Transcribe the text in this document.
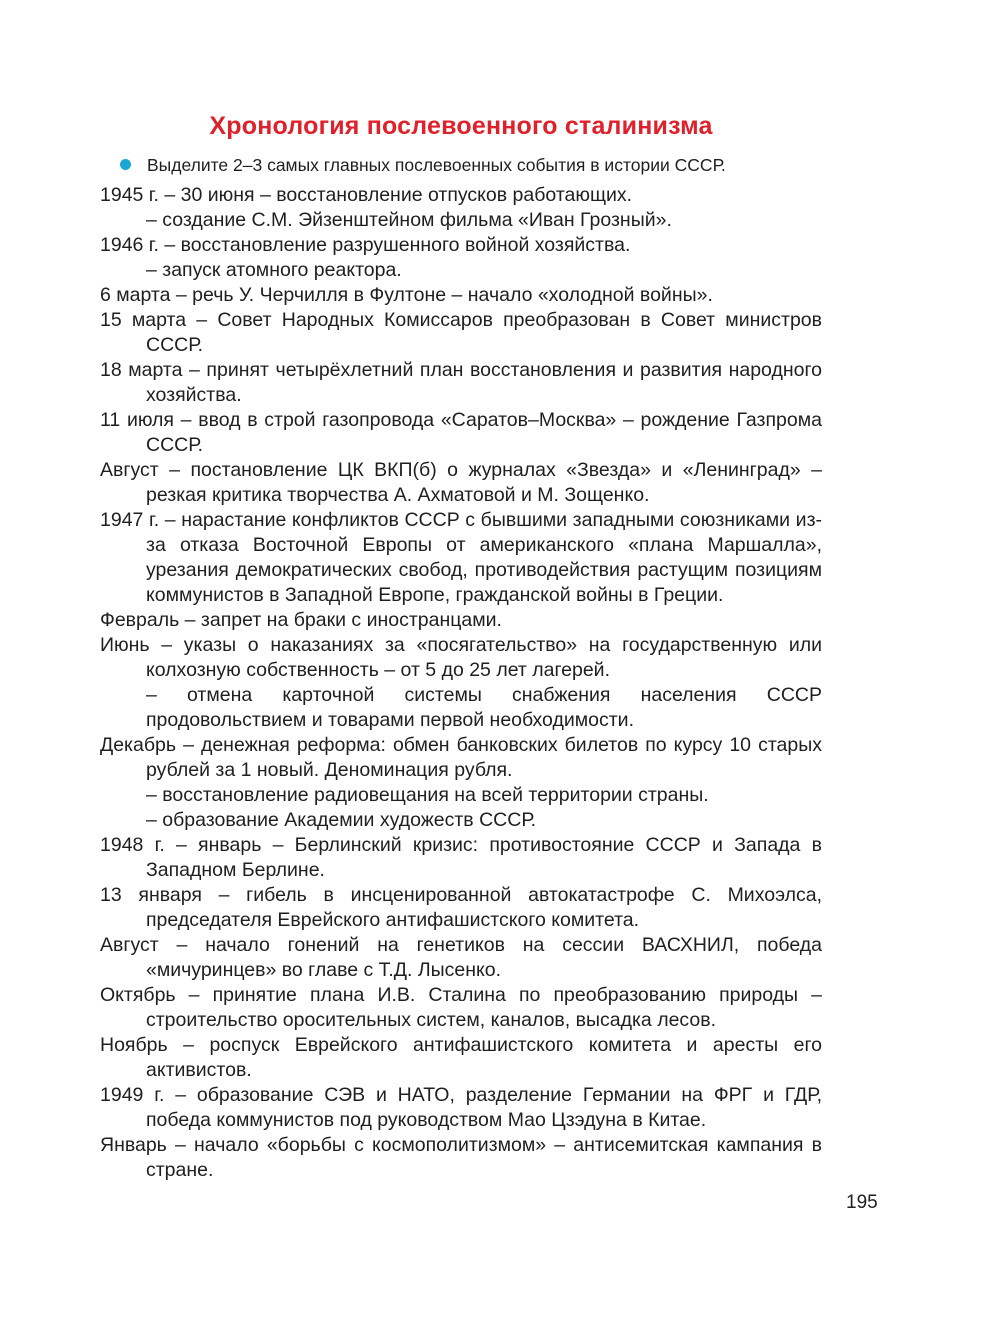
Хронология послевоенного сталинизма
Выделите 2–3 самых главных послевоенных события в истории СССР.

1945 г. – 30 июня – восстановление отпусков работающих.

– создание С.М. Эйзенштейном фильма «Иван Грозный».

1946 г. – восстановление разрушенного войной хозяйства.

– запуск атомного реактора.

6 марта – речь У. Черчилля в Фултоне – начало «холодной войны».

15 марта – Совет Народных Комиссаров преобразован в Совет министров СССР.

18 марта – принят четырёхлетний план восстановления и развития народного хозяйства.

11 июля – ввод в строй газопровода «Саратов–Москва» – рождение Газпрома СССР.

Август – постановление ЦК ВКП(б) о журналах «Звезда» и «Ленинград» – резкая критика творчества А. Ахматовой и М. Зощенко.

1947 г. – нарастание конфликтов СССР с бывшими западными союзниками из-за отказа Восточной Европы от американского «плана Маршалла», урезания демократических свобод, противодействия растущим позициям коммунистов в Западной Европе, гражданской войны в Греции.

Февраль – запрет на браки с иностранцами.

Июнь – указы о наказаниях за «посягательство» на государственную или колхозную собственность – от 5 до 25 лет лагерей.

– отмена карточной системы снабжения населения СССР продовольствием и товарами первой необходимости.

Декабрь – денежная реформа: обмен банковских билетов по курсу 10 старых рублей за 1 новый. Деноминация рубля.

– восстановление радиовещания на всей территории страны.

– образование Академии художеств СССР.

1948 г. – январь – Берлинский кризис: противостояние СССР и Запада в Западном Берлине.

13 января – гибель в инсценированной автокатастрофе С. Михоэлса, председателя Еврейского антифашистского комитета.

Август – начало гонений на генетиков на сессии ВАСХНИЛ, победа «мичуринцев» во главе с Т.Д. Лысенко.

Октябрь – принятие плана И.В. Сталина по преобразованию природы – строительство оросительных систем, каналов, высадка лесов.

Ноябрь – роспуск Еврейского антифашистского комитета и аресты его активистов.

1949 г. – образование СЭВ и НАТО, разделение Германии на ФРГ и ГДР, победа коммунистов под руководством Мао Цзэдуна в Китае.

Январь – начало «борьбы с космополитизмом» – антисемитская кампания в стране.

195
